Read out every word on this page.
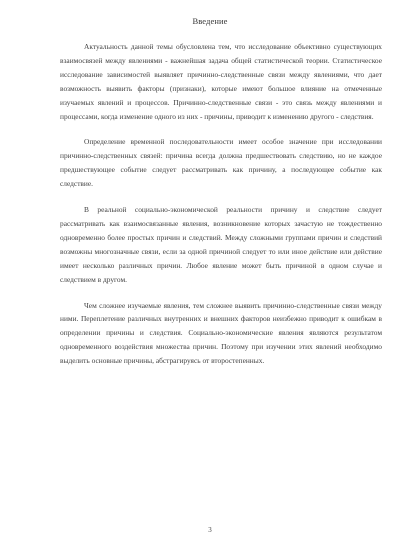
Введение

Актуальность данной темы обусловлена тем, что исследование объективно существующих взаимосвязей между явлениями - важнейшая задача общей статистической теории. Статистическое исследование зависимостей выявляет причинно-следственные связи между явлениями, что дает возможность выявить факторы (признаки), которые имеют большое влияние на отмеченные изучаемых явлений и процессов. Причинно-следственные связи - это связь между явлениями и процессами, когда изменение одного из них - причины, приводит к изменению другого - следствия.

Определение временной последовательности имеет особое значение при исследовании причинно-следственных связей: причина всегда должна предшествовать следствию, но не каждое предшествующее событие следует рассматривать как причину, а последующее событие как следствие.

В реальной социально-экономической реальности причину и следствие следует рассматривать как взаимосвязанные явления, возникновение которых зачастую не тождественно одновременно более простых причин и следствий. Между сложными группами причин и следствий возможны многозначные связи, если за одной причиной следует то или иное действие или действие имеет несколько различных причин. Любое явление может быть причиной в одном случае и следствием в другом.

Чем сложнее изучаемые явления, тем сложнее выявить причинно-следственные связи между ними. Переплетение различных внутренних и внешних факторов неизбежно приводит к ошибкам в определении причины и следствия. Социально-экономические явления являются результатом одновременного воздействия множества причин. Поэтому при изучении этих явлений необходимо выделить основные причины, абстрагируясь от второстепенных.

3
